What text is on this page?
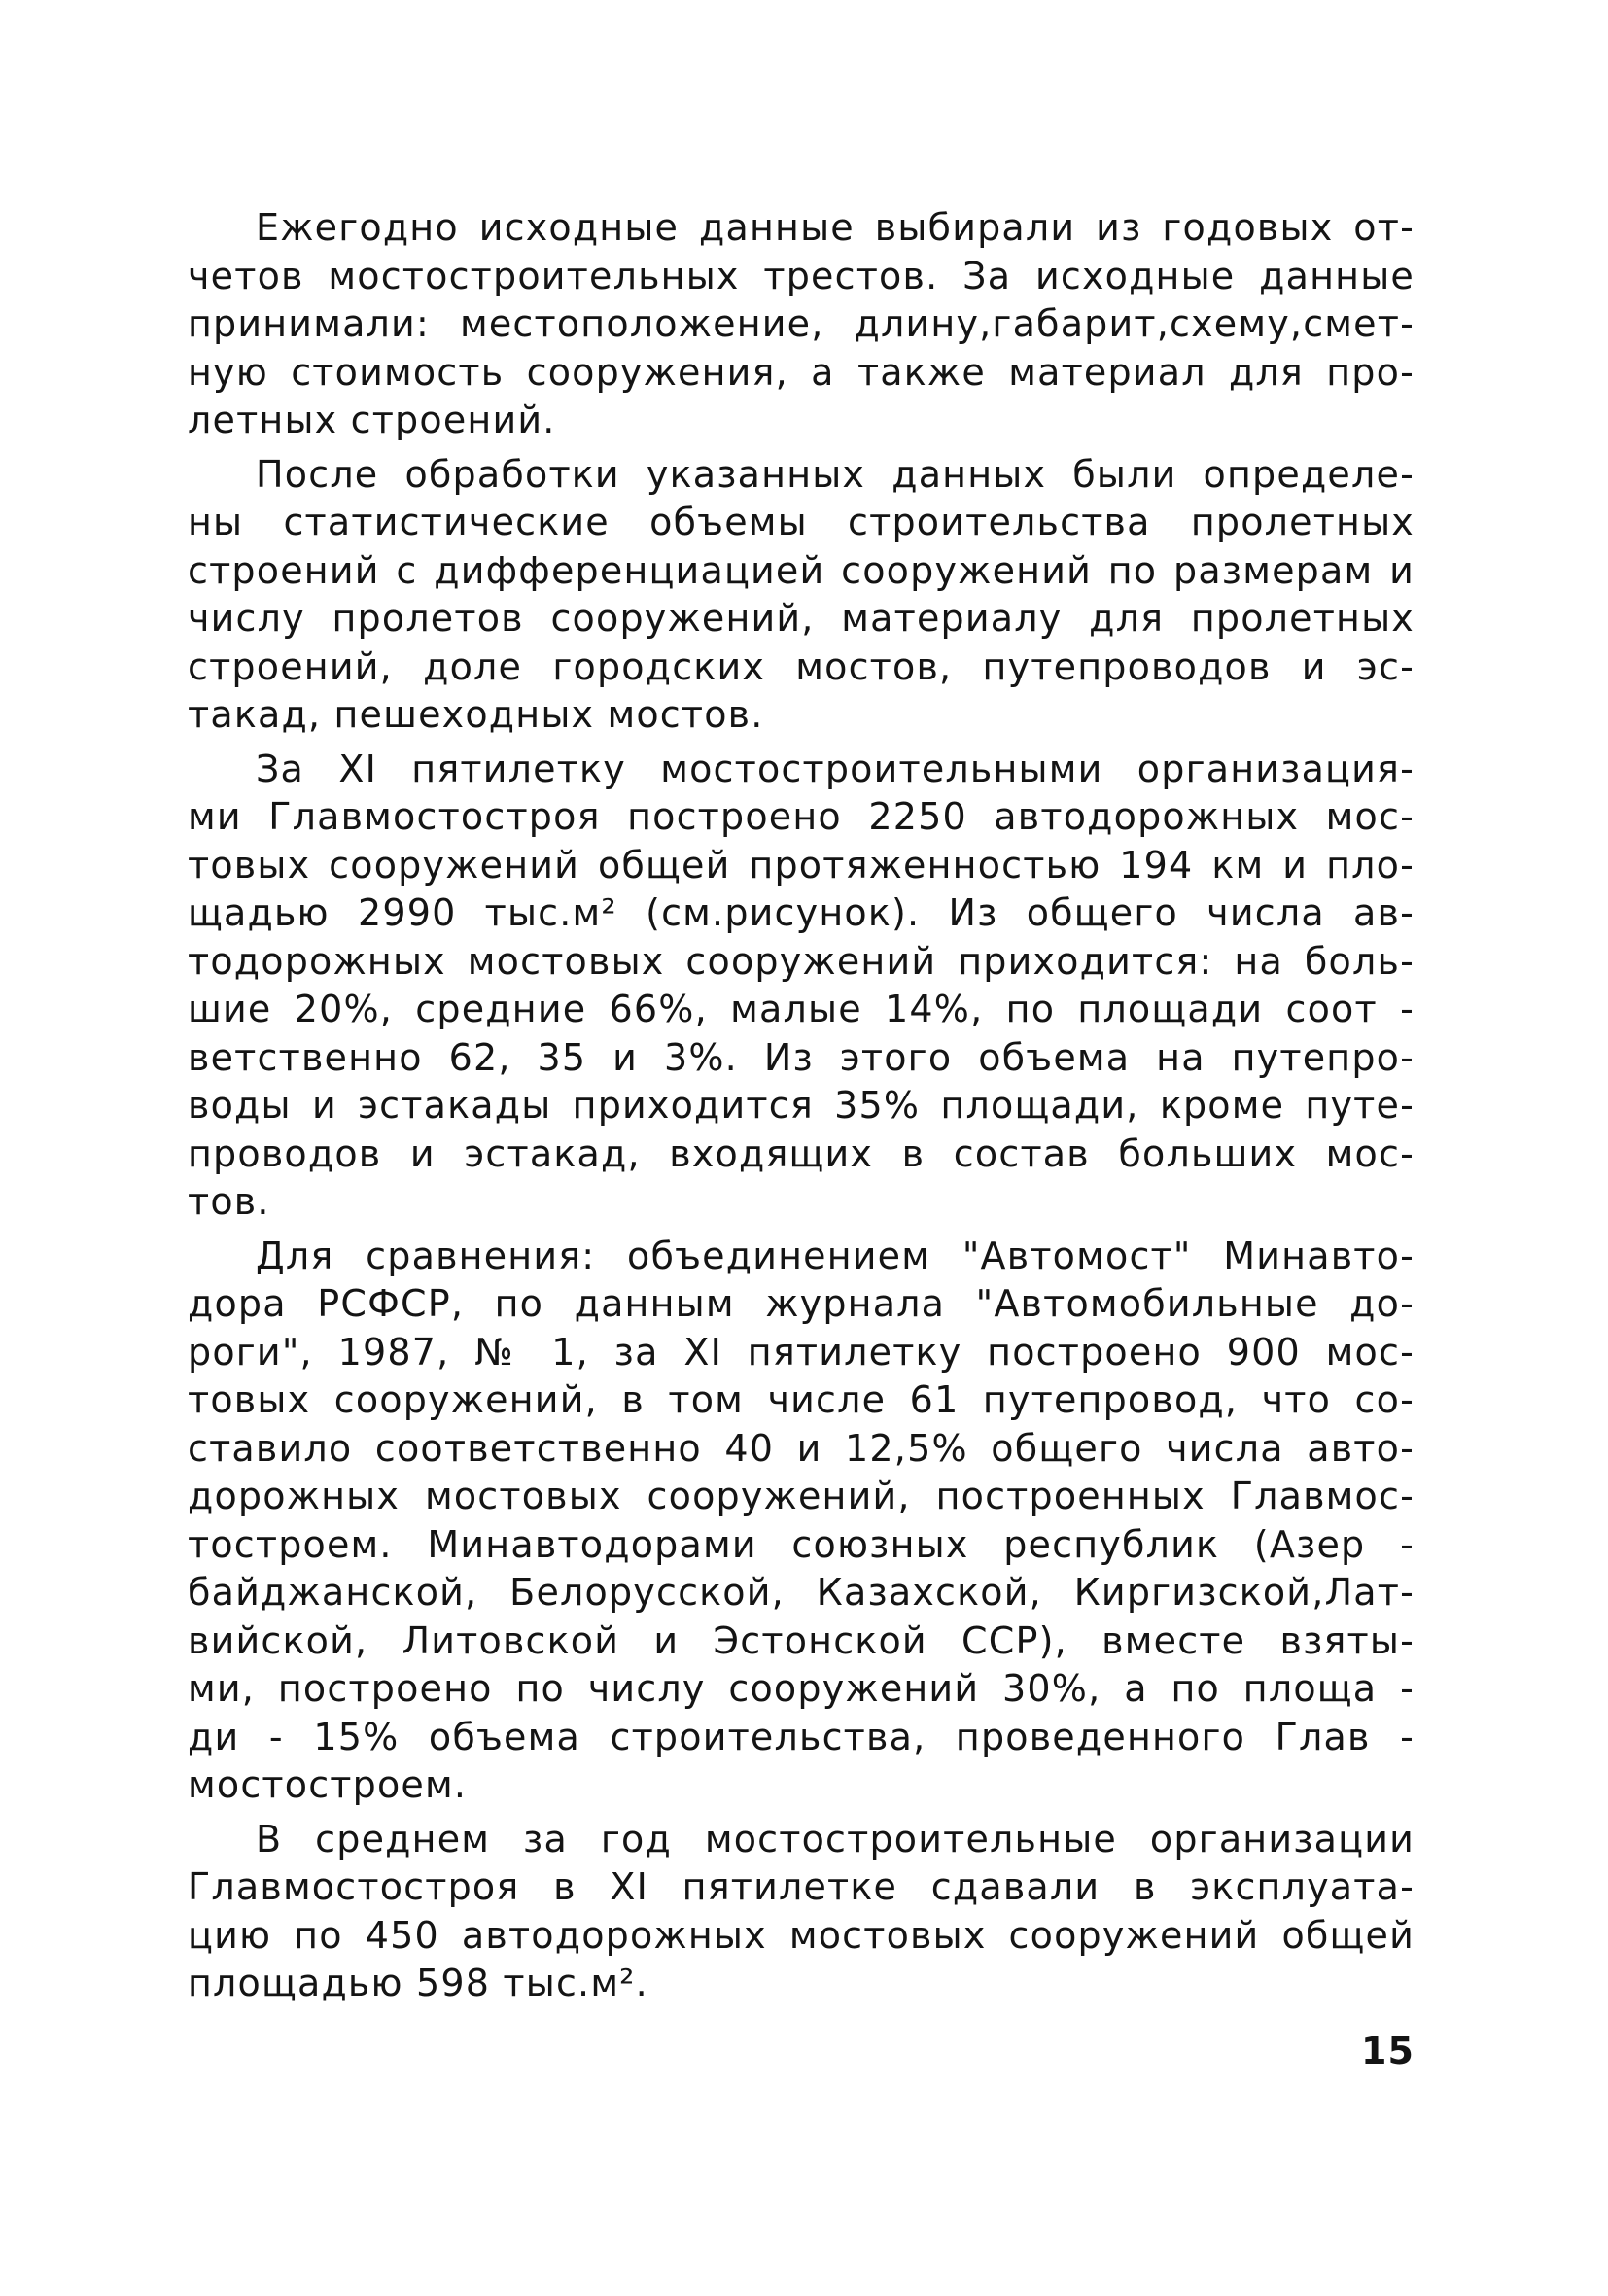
Ежегодно исходные данные выбирали из годовых от-
четов мостостроительных трестов. За исходные данные
принимали: местоположение, длину,габарит,схему,смет-
ную стоимость сооружения, а также материал для про-
летных строений.
После обработки указанных данных были определе-
ны статистические объемы строительства пролетных
строений с дифференциацией сооружений по размерам и
числу пролетов сооружений, материалу для пролетных
строений, доле городских мостов, путепроводов и эс-
такад, пешеходных мостов.
За XI пятилетку мостостроительными организация-
ми Главмостостроя построено 2250 автодорожных мос-
товых сооружений общей протяженностью 194 км и пло-
щадью 2990 тыс.м² (см.рисунок). Из общего числа ав-
тодорожных мостовых сооружений приходится: на боль-
шие 20%, средние 66%, малые 14%, по площади соот -
ветственно 62, 35 и 3%. Из этого объема на путепро-
воды и эстакады приходится 35% площади, кроме путе-
проводов и эстакад, входящих в состав больших мос-
тов.
Для сравнения: объединением "Автомост" Минавто-
дора РСФСР, по данным журнала "Автомобильные до-
роги", 1987, № 1, за XI пятилетку построено 900 мос-
товых сооружений, в том числе 61 путепровод, что со-
ставило соответственно 40 и 12,5% общего числа авто-
дорожных мостовых сооружений, построенных Главмос-
тостроем. Минавтодорами союзных республик (Азер -
байджанской, Белорусской, Казахской, Киргизской,Лат-
вийской, Литовской и Эстонской ССР), вместе взяты-
ми, построено по числу сооружений 30%, а по площа -
ди - 15% объема строительства, проведенного Глав -
мостостроем.
В среднем за год мостостроительные организации
Главмостостроя в XI пятилетке сдавали в эксплуата-
цию по 450 автодорожных мостовых сооружений общей
площадью 598 тыс.м².
15
